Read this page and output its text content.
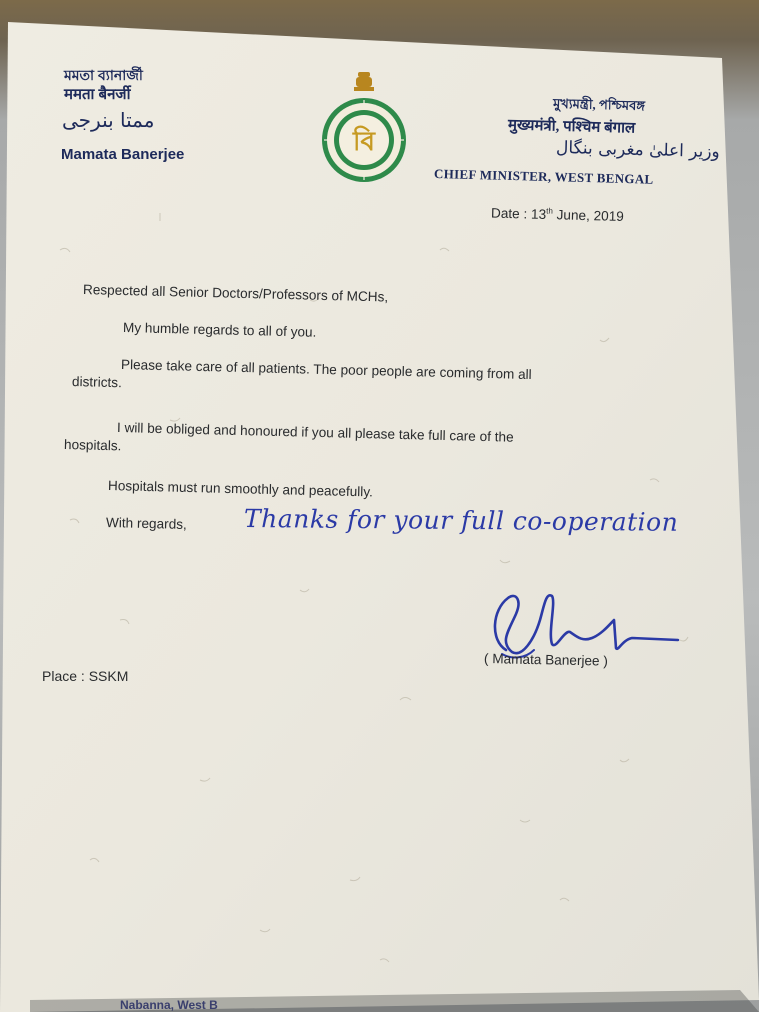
মমতা ব্যানার্জী
ममता बैनर्जी
ممتا بنرجی
Mamata Banerjee	বি
মুখ্যমন্ত্রী, পশ্চিমবঙ্গ
मुख्यमंत्री, पश्चिम बंगाल
وزیر اعلیٰ مغربی بنگال
CHIEF MINISTER, WEST BENGAL
Date : 13th June, 2019
Respected all Senior Doctors/Professors of MCHs,
My humble regards to all of you.
Please take care of all patients. The poor people are coming from all
districts.
I will be obliged and honoured if you all please take full care of the
hospitals.
Hospitals must run smoothly and peacefully.
With regards, Thanks for your full co-operation
( Mamata Banerjee )
Place : SSKM
Nabanna, West B
